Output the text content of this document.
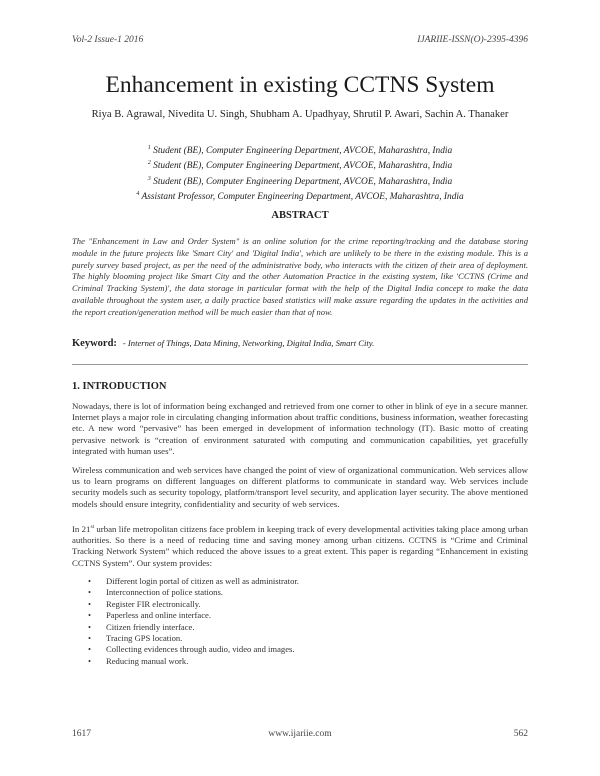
Vol-2 Issue-1 2016	IJARIIE-ISSN(O)-2395-4396
Enhancement in existing CCTNS System
Riya B. Agrawal, Nivedita U. Singh, Shubham A. Upadhyay, Shrutil P. Awari, Sachin A. Thanaker
$^1$ Student (BE), Computer Engineering Department, AVCOE, Maharashtra, India
$^2$ Student (BE), Computer Engineering Department, AVCOE, Maharashtra, India
$^3$ Student (BE), Computer Engineering Department, AVCOE, Maharashtra, India
$^4$ Assistant Professor, Computer Engineering Department, AVCOE, Maharashtra, India
ABSTRACT
The "Enhancement in Law and Order System" is an online solution for the crime reporting/tracking and the database storing module in the future projects like 'Smart City' and 'Digital India', which are unlikely to be there in the existing module. This is a purely survey based project, as per the need of the administrative body, who interacts with the citizen of their area of deployment. The highly blooming project like Smart City and the other Automation Practice in the existing system, like 'CCTNS (Crime and Criminal Tracking System)', the data storage in particular format with the help of the Digital India concept to make the data available throughout the system user, a daily practice based statistics will make assure regarding the updates in the activities and the report creation/generation method will be much easier than that of now.
Keyword: - Internet of Things, Data Mining, Networking, Digital India, Smart City.
1. INTRODUCTION
Nowadays, there is lot of information being exchanged and retrieved from one corner to other in blink of eye in a secure manner. Internet plays a major role in circulating changing information about traffic conditions, business information, weather forecasting etc. A new word “pervasive” has been emerged in development of information technology (IT). Basic motto of creating pervasive network is “creation of environment saturated with computing and communication capabilities, yet gracefully integrated with human uses”.
Wireless communication and web services have changed the point of view of organizational communication. Web services allow us to learn programs on different languages on different platforms to communicate in standard way. Web services include security models such as security topology, platform/transport level security, and application layer security. The above mentioned models should ensure integrity, confidentiality and security of web services.
In 21st urban life metropolitan citizens face problem in keeping track of every developmental activities taking place among urban authorities. So there is a need of reducing time and saving money among urban citizens. CCTNS is “Crime and Criminal Tracking Network System” which reduced the above issues to a great extent. This paper is regarding “Enhancement in existing CCTNS System”. Our system provides:
• Different login portal of citizen as well as administrator.
• Interconnection of police stations.
• Register FIR electronically.
• Paperless and online interface.
• Citizen friendly interface.
• Tracing GPS location.
• Collecting evidences through audio, video and images.
• Reducing manual work.
1617	www.ijariie.com	562
